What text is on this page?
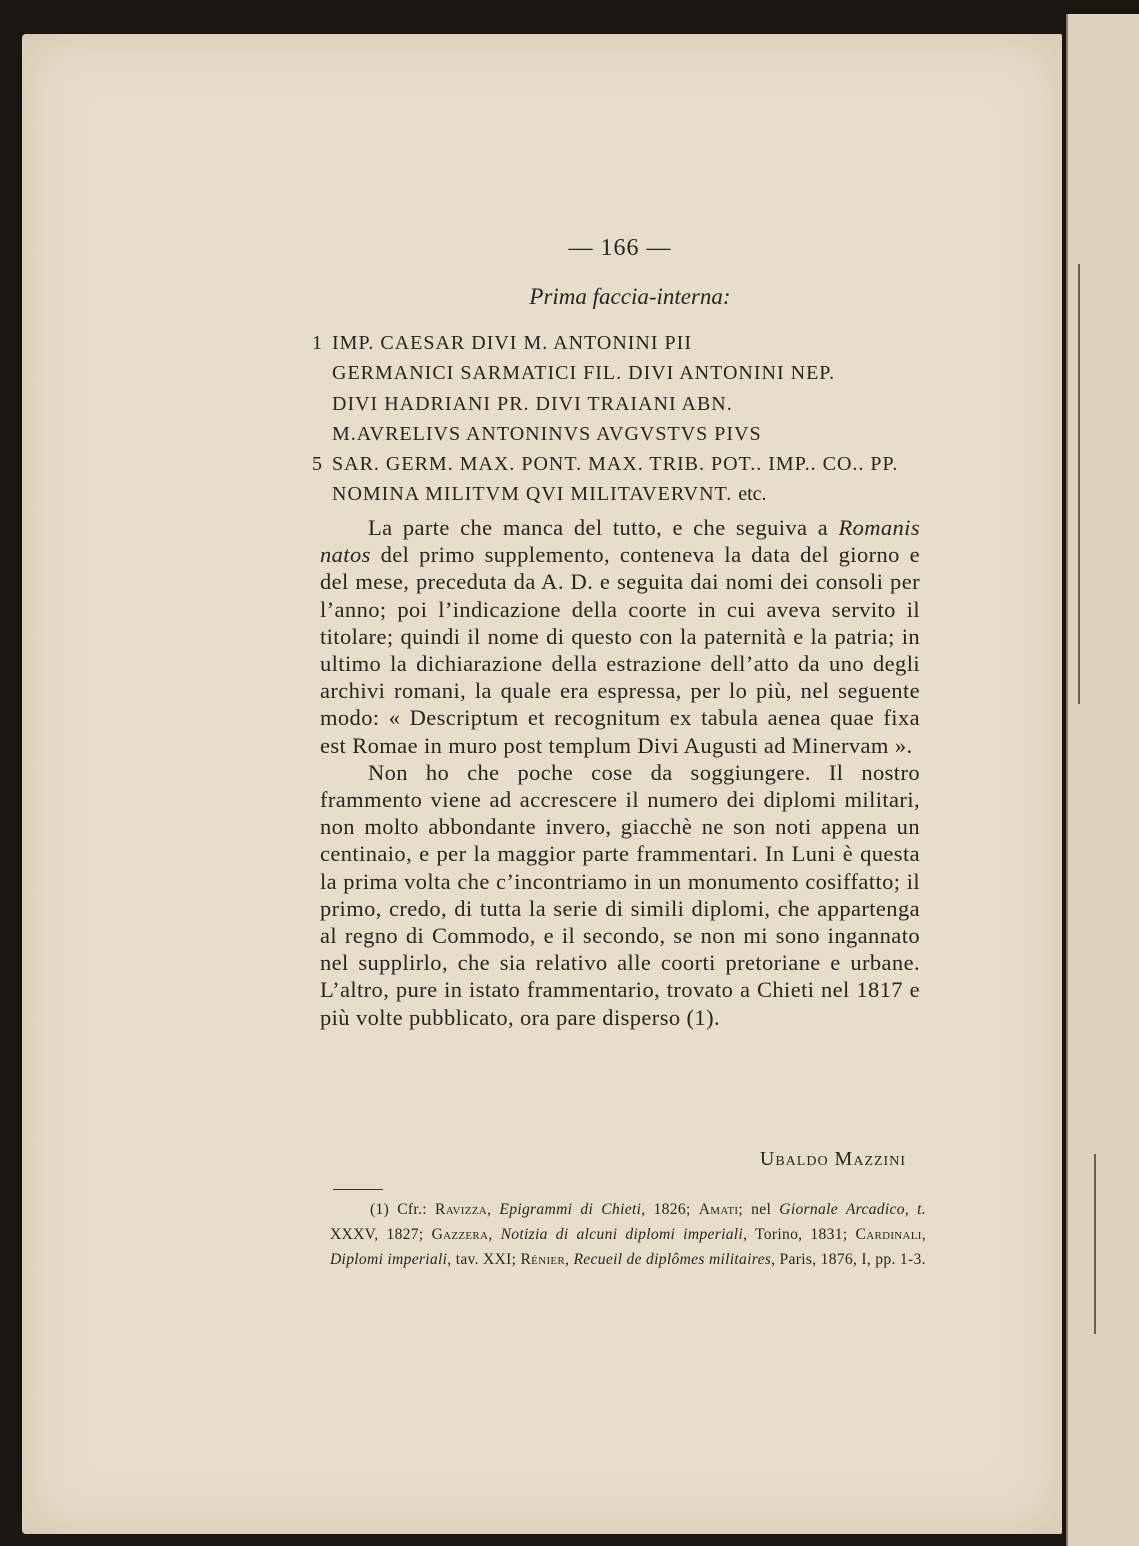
— 166 —
Prima faccia-interna:
1 IMP. CAESAR DIVI M. ANTONINI PII
GERMANICI SARMATICI FIL. DIVI ANTONINI NEP.
DIVI HADRIANI PR. DIVI TRAIANI ABN.
M.AVRELIVS ANTONINVS AVGVSTVS PIVS
5 SAR. GERM. MAX. PONT. MAX. TRIB. POT.. IMP.. CO.. PP.
NOMINA MILITVM QVI MILITAVERVNT. etc.

La parte che manca del tutto, e che seguiva a Romanis natos del primo supplemento, conteneva la data del giorno e del mese, preceduta da A. D. e seguita dai nomi dei consoli per l’anno; poi l’indicazione della coorte in cui aveva servito il titolare; quindi il nome di questo con la paternità e la patria; in ultimo la dichiarazione della estrazione dell’atto da uno degli archivi romani, la quale era espressa, per lo più, nel seguente modo: « Descriptum et recognitum ex tabula aenea quae fixa est Romae in muro post templum Divi Augusti ad Minervam ».

Non ho che poche cose da soggiungere. Il nostro frammento viene ad accrescere il numero dei diplomi militari, non molto abbondante invero, giacchè ne son noti appena un centinaio, e per la maggior parte frammentari. In Luni è questa la prima volta che c’incontriamo in un monumento cosiffatto; il primo, credo, di tutta la serie di simili diplomi, che appartenga al regno di Commodo, e il secondo, se non mi sono ingannato nel supplirlo, che sia relativo alle coorti pretoriane e urbane. L’altro, pure in istato frammentario, trovato a Chieti nel 1817 e più volte pubblicato, ora pare disperso (1).

Ubaldo Mazzini

(1) Cfr.: Ravizza, Epigrammi di Chieti, 1826; Amati; nel Giornale Arcadico, t. XXXV, 1827; Gazzera, Notizia di alcuni diplomi imperiali, Torino, 1831; Cardinali, Diplomi imperiali, tav. XXI; Rénier, Recueil de diplômes militaires, Paris, 1876, I, pp. 1-3.
